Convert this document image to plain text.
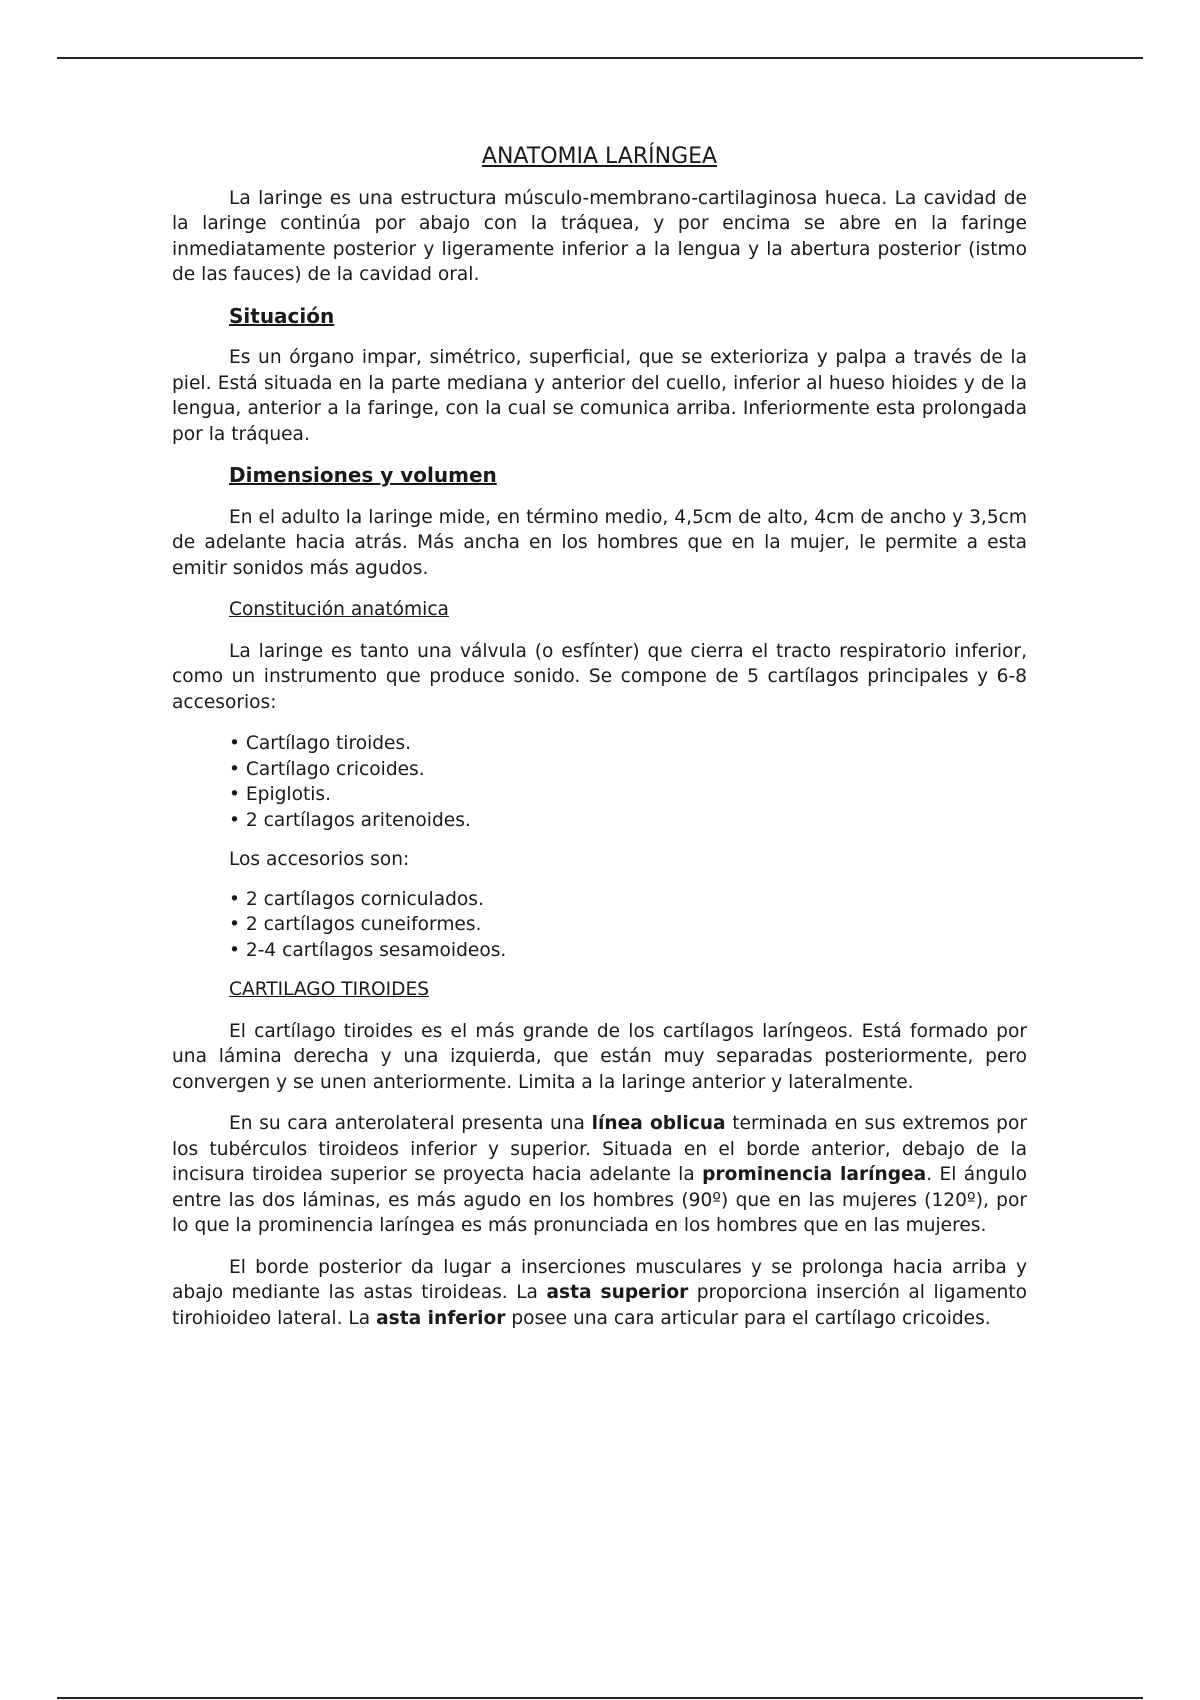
ANATOMIA LARÍNGEA

La laringe es una estructura músculo-membrano-cartilaginosa hueca. La cavidad de la laringe continúa por abajo con la tráquea, y por encima se abre en la faringe inmediatamente posterior y ligeramente inferior a la lengua y la abertura posterior (istmo de las fauces) de la cavidad oral.

Situación

Es un órgano impar, simétrico, superficial, que se exterioriza y palpa a través de la piel. Está situada en la parte mediana y anterior del cuello, inferior al hueso hioides y de la lengua, anterior a la faringe, con la cual se comunica arriba. Inferiormente esta prolongada por la tráquea.

Dimensiones y volumen

En el adulto la laringe mide, en término medio, 4,5cm de alto, 4cm de ancho y 3,5cm de adelante hacia atrás. Más ancha en los hombres que en la mujer, le permite a esta emitir sonidos más agudos.

Constitución anatómica

La laringe es tanto una válvula (o esfínter) que cierra el tracto respiratorio inferior, como un instrumento que produce sonido. Se compone de 5 cartílagos principales y 6-8 accesorios:

• Cartílago tiroides.
• Cartílago cricoides.
• Epiglotis.
• 2 cartílagos aritenoides.
Los accesorios son:
• 2 cartílagos corniculados.
• 2 cartílagos cuneiformes.
• 2-4 cartílagos sesamoideos.
CARTILAGO TIROIDES

El cartílago tiroides es el más grande de los cartílagos laríngeos. Está formado por una lámina derecha y una izquierda, que están muy separadas posteriormente, pero convergen y se unen anteriormente. Limita a la laringe anterior y lateralmente.

En su cara anterolateral presenta una línea oblicua terminada en sus extremos por los tubérculos tiroideos inferior y superior. Situada en el borde anterior, debajo de la incisura tiroidea superior se proyecta hacia adelante la prominencia laríngea. El ángulo entre las dos láminas, es más agudo en los hombres (90º) que en las mujeres (120º), por lo que la prominencia laríngea es más pronunciada en los hombres que en las mujeres.

El borde posterior da lugar a inserciones musculares y se prolonga hacia arriba y abajo mediante las astas tiroideas. La asta superior proporciona inserción al ligamento tirohioideo lateral. La asta inferior posee una cara articular para el cartílago cricoides.
